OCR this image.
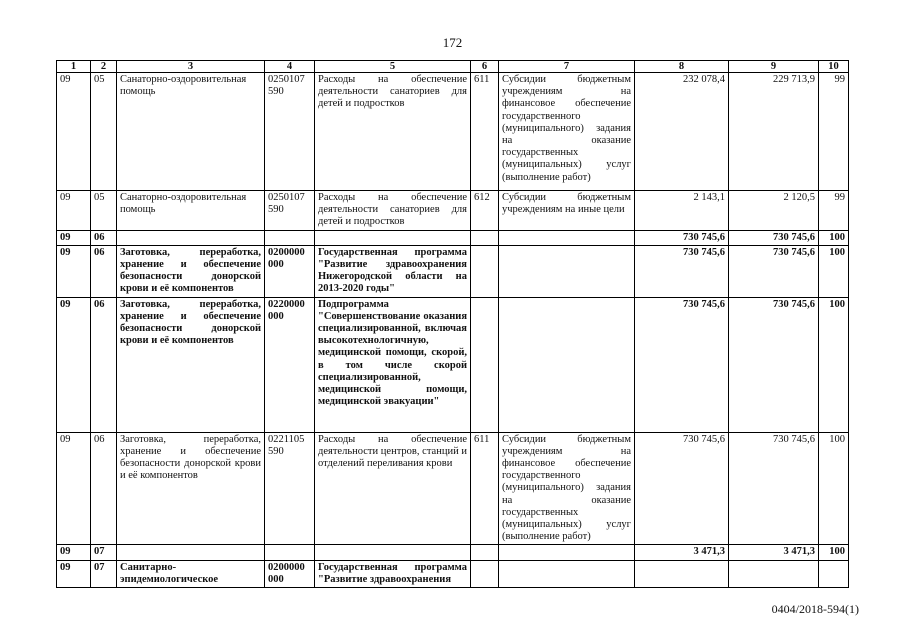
172
1	2	3	4	5	6	7	8	9	10
09	05	Санаторно-оздоровительная помощь	0250107 590	Расходы на обеспечение деятельности санаториев для детей и подростков	611	Субсидии бюджетным учреждениям на финансовое обеспечение государственного (муниципального) задания на оказание государственных (муниципальных) услуг (выполнение работ)	232 078,4	229 713,9	99
09	05	Санаторно-оздоровительная помощь	0250107 590	Расходы на обеспечение деятельности санаториев для детей и подростков	612	Субсидии бюджетным учреждениям на иные цели	2 143,1	2 120,5	99
09	06						730 745,6	730 745,6	100
09	06	Заготовка, переработка, хранение и обеспечение безопасности донорской крови и её компонентов	0200000 000	Государственная программа "Развитие здравоохранения Нижегородской области на 2013-2020 годы"			730 745,6	730 745,6	100
09	06	Заготовка, переработка, хранение и обеспечение безопасности донорской крови и её компонентов	0220000 000	Подпрограмма "Совершенствование оказания специализированной, включая высокотехнологичную, медицинской помощи, скорой, в том числе скорой специализированной, медицинской помощи, медицинской эвакуации"			730 745,6	730 745,6	100
09	06	Заготовка, переработка, хранение и обеспечение безопасности донорской крови и её компонентов	0221105 590	Расходы на обеспечение деятельности центров, станций и отделений переливания крови	611	Субсидии бюджетным учреждениям на финансовое обеспечение государственного (муниципального) задания на оказание государственных (муниципальных) услуг (выполнение работ)	730 745,6	730 745,6	100
09	07						3 471,3	3 471,3	100
09	07	Санитарно-эпидемиологическое	0200000 000	Государственная программа "Развитие здравоохранения					
0404/2018-594(1)
